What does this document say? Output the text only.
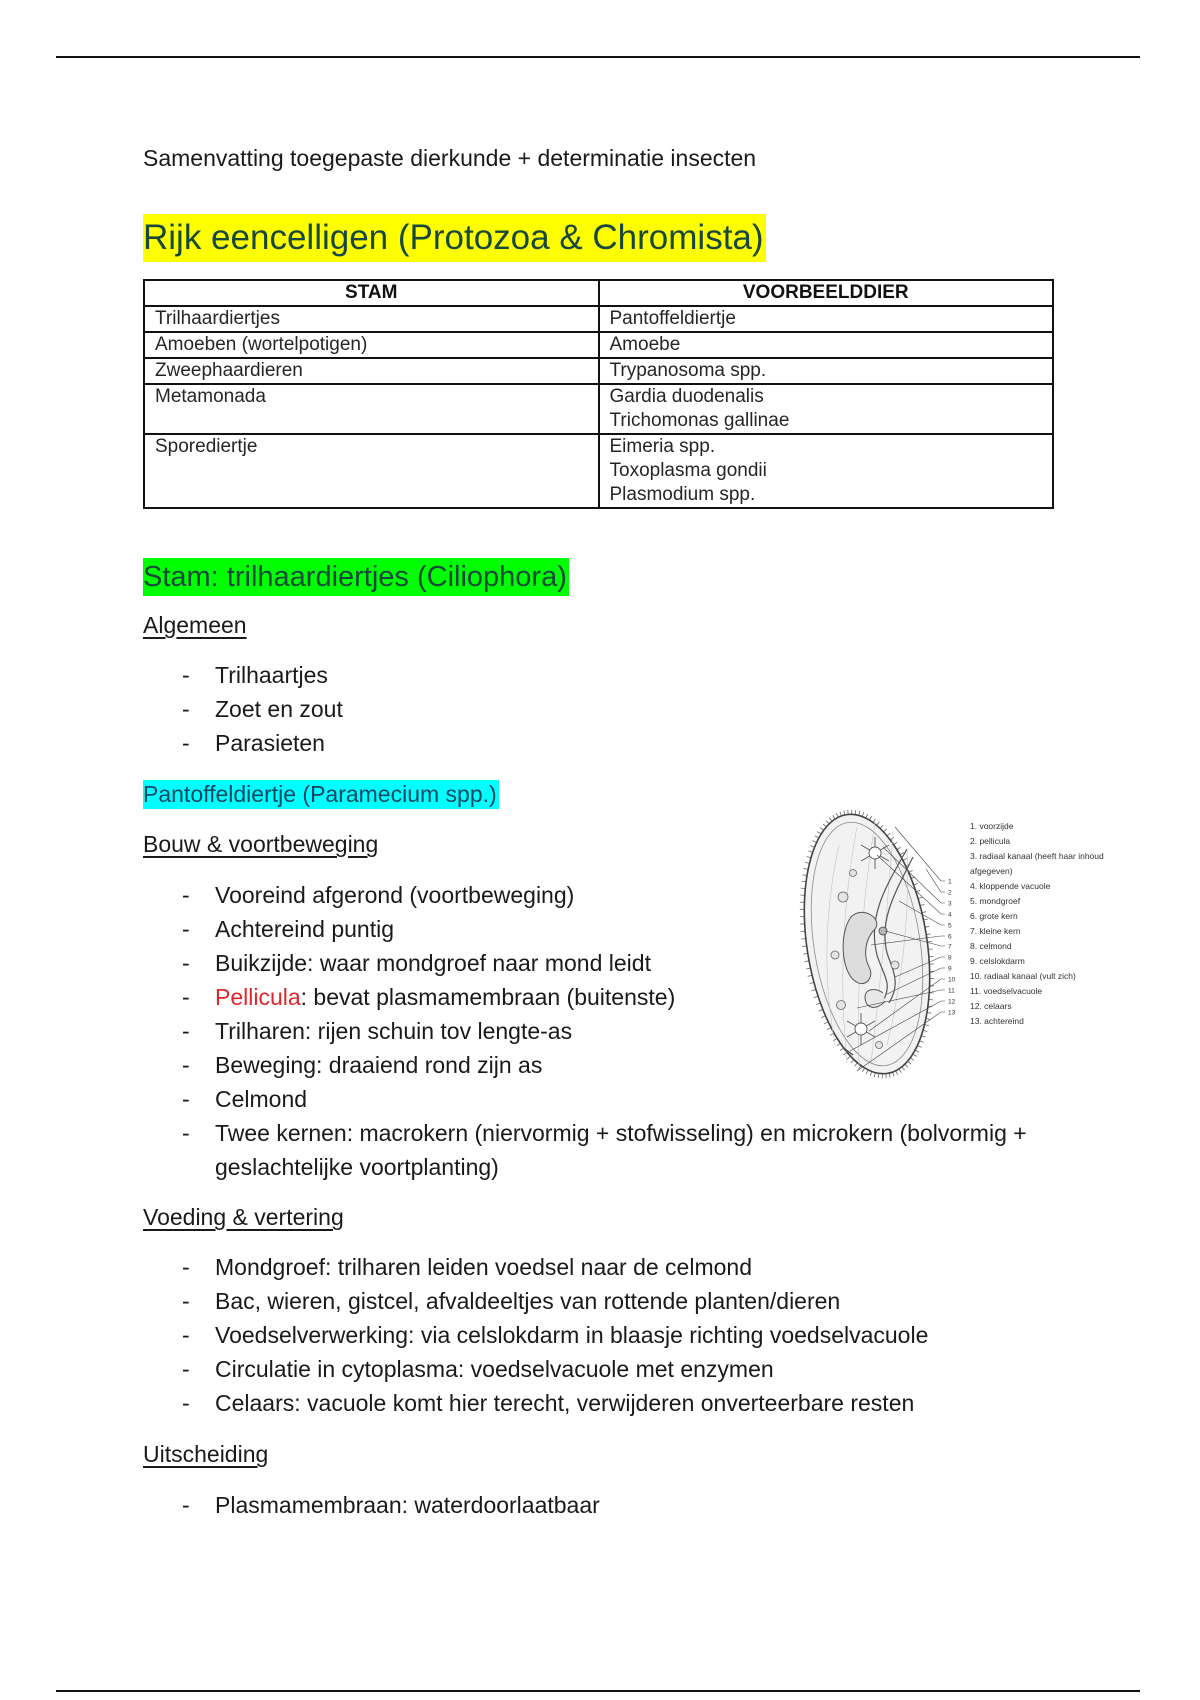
Samenvatting toegepaste dierkunde + determinatie insecten
Rijk eencelligen (Protozoa & Chromista)
STAM	VOORBEELDDIER
Trilhaardiertjes	Pantoffeldiertje

Amoeben (wortelpotigen)	Amoebe

Zweephaardieren	Trypanosoma spp.

Metamonada	Gardia duodenalis
Trichomonas gallinae

Sporediertje	Eimeria spp.
Toxoplasma gondii
Plasmodium spp.
Stam: trilhaardiertjes (Ciliophora)
Algemeen
- Trilhaartjes
- Zoet en zout
- Parasieten
Pantoffeldiertje (Paramecium spp.)
1
2
3
4
5
6
7
8
9
10
11
12
13
1. voorzijde
2. pellicula
3. radiaal kanaal (heeft haar inhoud afgegeven)
4. kloppende vacuole
5. mondgroef
6. grote kern
7. kleine kern
8. celmond
9. celslokdarm
10. radiaal kanaal (vult zich)
11. voedselvacuole
12. celaars
13. achtereind
Bouw & voortbeweging
- Vooreind afgerond (voortbeweging)
- Achtereind puntig
- Buikzijde: waar mondgroef naar mond leidt
- Pellicula: bevat plasmamembraan (buitenste)
- Trilharen: rijen schuin tov lengte-as
- Beweging: draaiend rond zijn as
- Celmond
- Twee kernen: macrokern (niervormig + stofwisseling) en microkern (bolvormig + geslachtelijke voortplanting)
Voeding & vertering
- Mondgroef: trilharen leiden voedsel naar de celmond
- Bac, wieren, gistcel, afvaldeeltjes van rottende planten/dieren
- Voedselverwerking: via celslokdarm in blaasje richting voedselvacuole
- Circulatie in cytoplasma: voedselvacuole met enzymen
- Celaars: vacuole komt hier terecht, verwijderen onverteerbare resten
Uitscheiding
- Plasmamembraan: waterdoorlaatbaar
